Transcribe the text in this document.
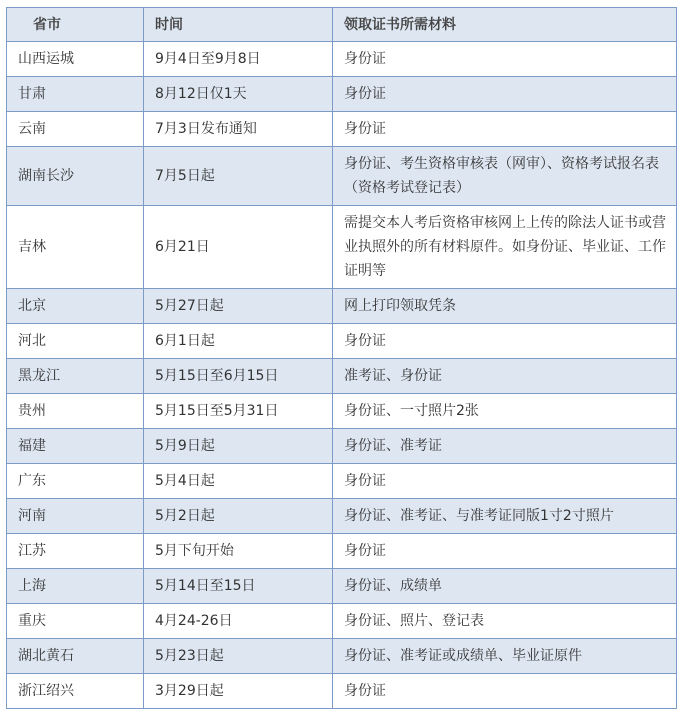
省市	时间	领取证书所需材料
山西运城	9月4日至9月8日	身份证
甘肃	8月12日仅1天	身份证
云南	7月3日发布通知	身份证
湖南长沙	7月5日起	身份证、考生资格审核表（网审）、资格考试报名表（资格考试登记表）
吉林	6月21日	需提交本人考后资格审核网上上传的除法人证书或营业执照外的所有材料原件。如身份证、毕业证、工作证明等
北京	5月27日起	网上打印领取凭条
河北	6月1日起	身份证
黑龙江	5月15日至6月15日	准考证、身份证
贵州	5月15日至5月31日	身份证、一寸照片2张
福建	5月9日起	身份证、准考证
广东	5月4日起	身份证
河南	5月2日起	身份证、准考证、与准考证同版1寸2寸照片
江苏	5月下旬开始	身份证
上海	5月14日至15日	身份证、成绩单
重庆	4月24-26日	身份证、照片、登记表
湖北黄石	5月23日起	身份证、准考证或成绩单、毕业证原件
浙江绍兴	3月29日起	身份证
